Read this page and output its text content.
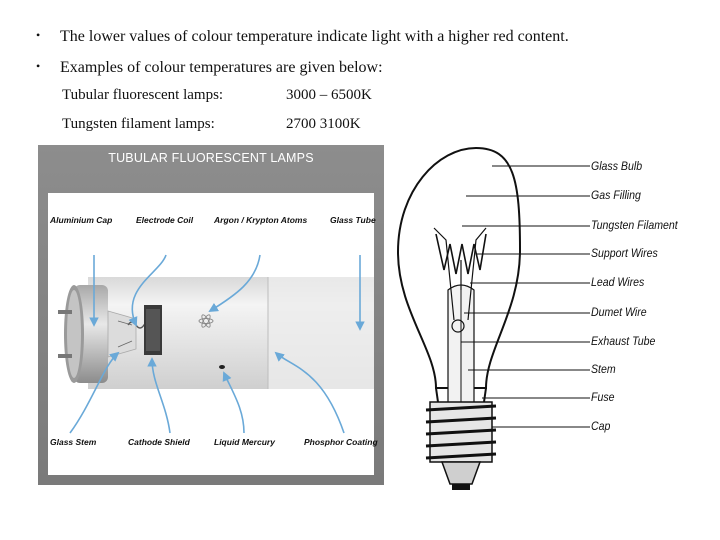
• The lower values of colour temperature indicate light with a higher red content.
• Examples of colour temperatures are given below:
Tubular fluorescent lamps:	3000 – 6500K
Tungsten filament lamps:	2700 3100K
TUBULAR FLUORESCENT LAMPS
Aluminium Cap	Electrode Coil Argon / Krypton Atoms	Glass Tube
Glass Stem	Cathode Shield	Liquid Mercury	Phosphor Coating
Glass Bulb
Gas Filling
Tungsten Filament
Support Wires
Lead Wires
Dumet Wire
Exhaust Tube
Stem
Fuse
Cap
